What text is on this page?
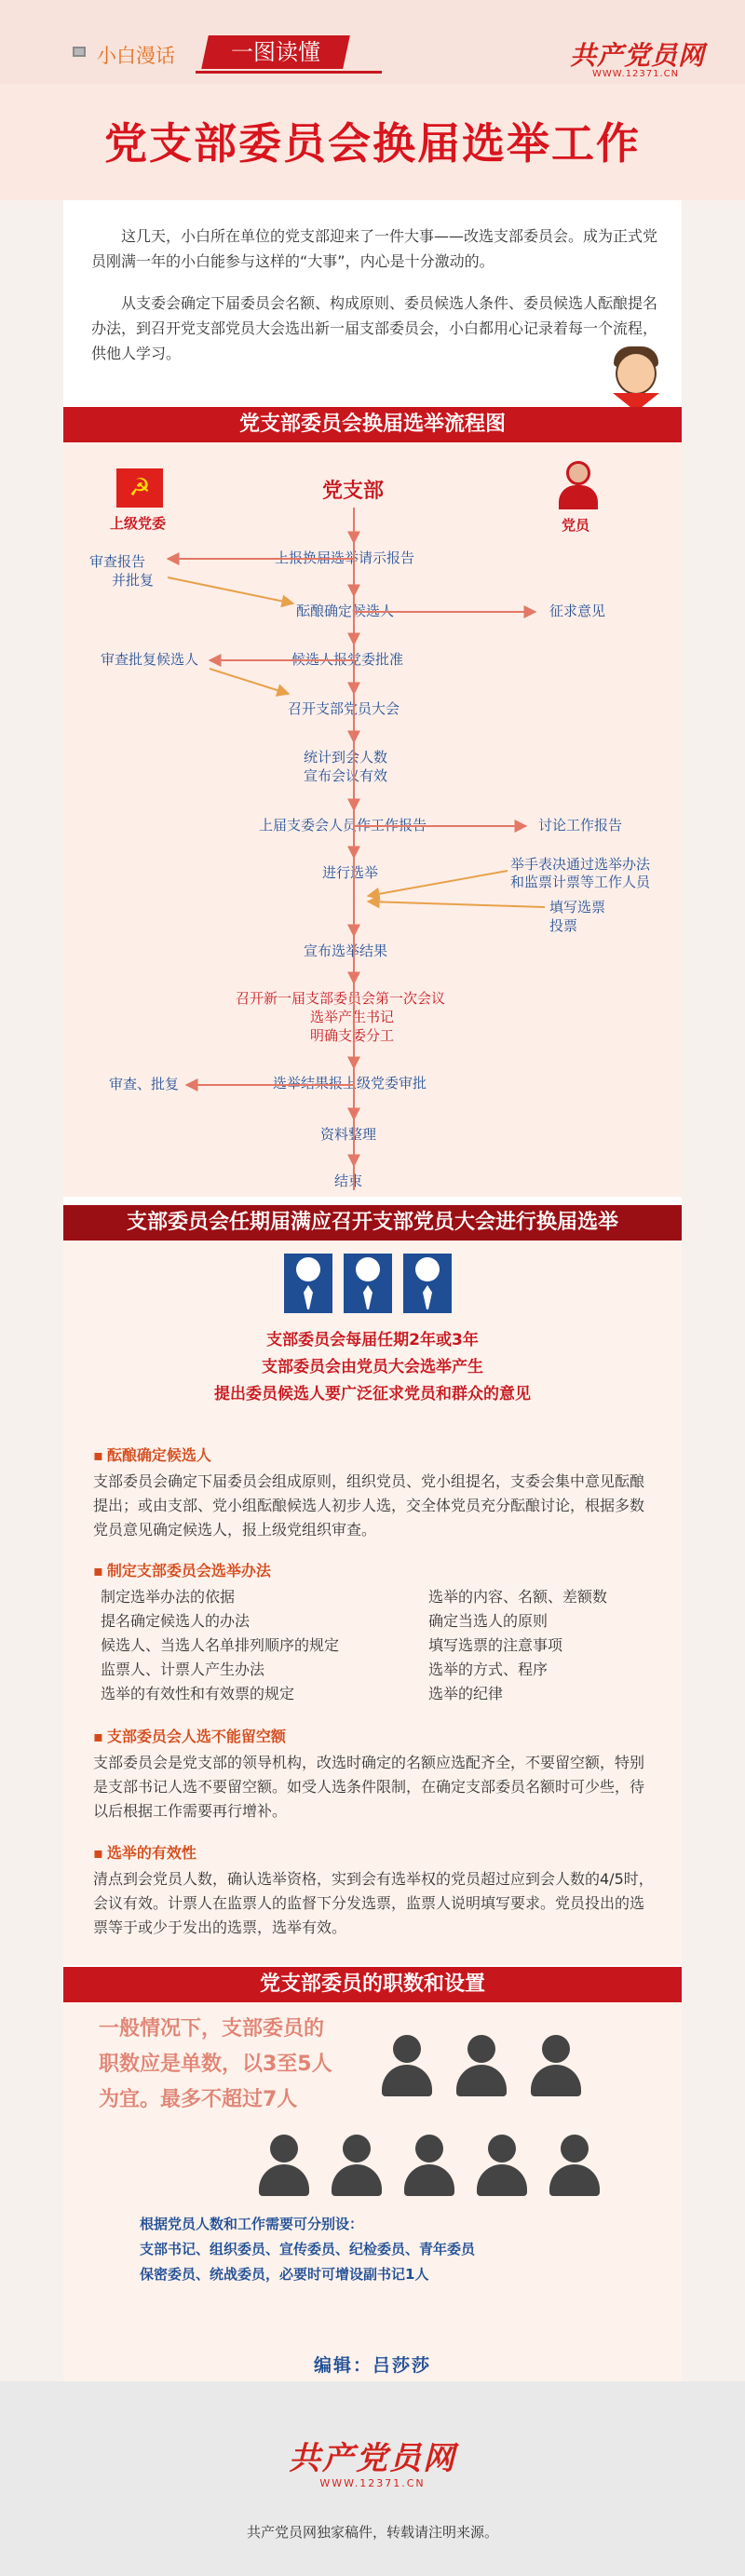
小白漫话	一图读懂	共产党员网
WWW.12371.CN
党支部委员会换届选举工作

这几天，小白所在单位的党支部迎来了一件大事——改选支部委员会。成为正式党员刚满一年的小白能参与这样的“大事”，内心是十分激动的。

从支委会确定下届委员会名额、构成原则、委员候选人条件、委员候选人酝酿提名办法，到召开党支部党员大会选出新一届支部委员会，小白都用心记录着每一个流程，供他人学习。

党支部委员会换届选举流程图
☭
上级党委
党支部
党员
上报换届选举请示报告
酝酿确定候选人
候选人报党委批准
召开支部党员大会
统计到会人数
宣布会议有效
上届支委会人员作工作报告
进行选举
宣布选举结果
召开新一届支部委员会第一次会议
选举产生书记
明确支委分工
选举结果报上级党委审批
资料整理
结束
审查报告
并批复
审查批复候选人
审查、批复
征求意见
讨论工作报告
举手表决通过选举办法
和监票计票等工作人员
填写选票
投票
支部委员会任期届满应召开支部党员大会进行换届选举
支部委员会每届任期2年或3年
支部委员会由党员大会选举产生
提出委员候选人要广泛征求党员和群众的意见
▪ 酝酿确定候选人
支部委员会确定下届委员会组成原则，组织党员、党小组提名，支委会集中意见酝酿提出；或由支部、党小组酝酿候选人初步人选，交全体党员充分酝酿讨论，根据多数党员意见确定候选人，报上级党组织审查。
▪ 制定支部委员会选举办法
制定选举办法的依据
提名确定候选人的办法
候选人、当选人名单排列顺序的规定
监票人、计票人产生办法
选举的有效性和有效票的规定
选举的内容、名额、差额数
确定当选人的原则
填写选票的注意事项
选举的方式、程序
选举的纪律
▪ 支部委员会人选不能留空额
支部委员会是党支部的领导机构，改选时确定的名额应选配齐全，不要留空额，特别是支部书记人选不要留空额。如受人选条件限制，在确定支部委员名额时可少些，待以后根据工作需要再行增补。
▪ 选举的有效性
清点到会党员人数，确认选举资格，实到会有选举权的党员超过应到会人数的4/5时，会议有效。计票人在监票人的监督下分发选票，监票人说明填写要求。党员投出的选票等于或少于发出的选票，选举有效。
党支部委员的职数和设置
一般情况下，支部委员的
职数应是单数，以3至5人
为宜。最多不超过7人
根据党员人数和工作需要可分别设：
支部书记、组织委员、宣传委员、纪检委员、青年委员
保密委员、统战委员，必要时可增设副书记1人
编辑：吕莎莎
共产党员网
WWW.12371.CN
共产党员网独家稿件，转载请注明来源。
